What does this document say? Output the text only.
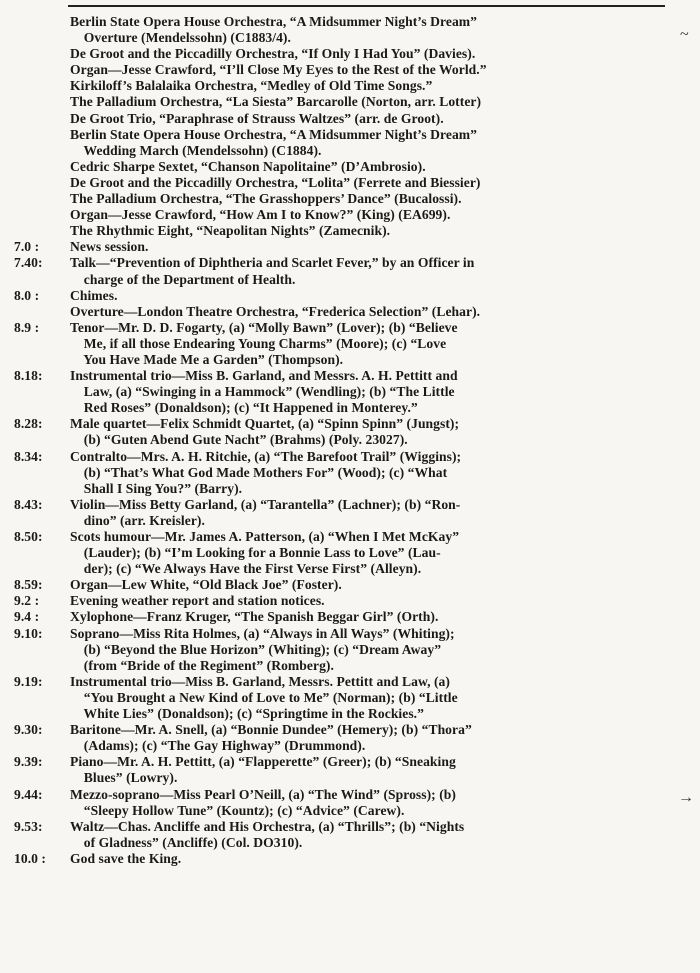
~
→
Berlin State Opera House Orchestra, “A Midsummer Night’s Dream”
Overture (Mendelssohn) (C1883/4).
De Groot and the Piccadilly Orchestra, “If Only I Had You” (Davies).
Organ—Jesse Crawford, “I’ll Close My Eyes to the Rest of the World.”
Kirkiloff’s Balalaika Orchestra, “Medley of Old Time Songs.”
The Palladium Orchestra, “La Siesta” Barcarolle (Norton, arr. Lotter)
De Groot Trio, “Paraphrase of Strauss Waltzes” (arr. de Groot).
Berlin State Opera House Orchestra, “A Midsummer Night’s Dream”
Wedding March (Mendelssohn) (C1884).
Cedric Sharpe Sextet, “Chanson Napolitaine” (D’Ambrosio).
De Groot and the Piccadilly Orchestra, “Lolita” (Ferrete and Biessier)
The Palladium Orchestra, “The Grasshoppers’ Dance” (Bucalossi).
Organ—Jesse Crawford, “How Am I to Know?” (King) (EA699).
The Rhythmic Eight, “Neapolitan Nights” (Zamecnik).
7.0 :	News session.
7.40:	Talk—“Prevention of Diphtheria and Scarlet Fever,” by an Officer in
charge of the Department of Health.
8.0 :	Chimes.
Overture—London Theatre Orchestra, “Frederica Selection” (Lehar).
8.9 :	Tenor—Mr. D. D. Fogarty, (a) “Molly Bawn” (Lover); (b) “Believe
Me, if all those Endearing Young Charms” (Moore); (c) “Love
You Have Made Me a Garden” (Thompson).
8.18:	Instrumental trio—Miss B. Garland, and Messrs. A. H. Pettitt and
Law, (a) “Swinging in a Hammock” (Wendling); (b) “The Little
Red Roses” (Donaldson); (c) “It Happened in Monterey.”
8.28:	Male quartet—Felix Schmidt Quartet, (a) “Spinn Spinn” (Jungst);
(b) “Guten Abend Gute Nacht” (Brahms) (Poly. 23027).
8.34:	Contralto—Mrs. A. H. Ritchie, (a) “The Barefoot Trail” (Wiggins);
(b) “That’s What God Made Mothers For” (Wood); (c) “What
Shall I Sing You?” (Barry).
8.43:	Violin—Miss Betty Garland, (a) “Tarantella” (Lachner); (b) “Ron-
dino” (arr. Kreisler).
8.50:	Scots humour—Mr. James A. Patterson, (a) “When I Met McKay”
(Lauder); (b) “I’m Looking for a Bonnie Lass to Love” (Lau-
der); (c) “We Always Have the First Verse First” (Alleyn).
8.59:	Organ—Lew White, “Old Black Joe” (Foster).
9.2 :	Evening weather report and station notices.
9.4 :	Xylophone—Franz Kruger, “The Spanish Beggar Girl” (Orth).
9.10:	Soprano—Miss Rita Holmes, (a) “Always in All Ways” (Whiting);
(b) “Beyond the Blue Horizon” (Whiting); (c) “Dream Away”
(from “Bride of the Regiment” (Romberg).
9.19:	Instrumental trio—Miss B. Garland, Messrs. Pettitt and Law, (a)
“You Brought a New Kind of Love to Me” (Norman); (b) “Little
White Lies” (Donaldson); (c) “Springtime in the Rockies.”
9.30:	Baritone—Mr. A. Snell, (a) “Bonnie Dundee” (Hemery); (b) “Thora”
(Adams); (c) “The Gay Highway” (Drummond).
9.39:	Piano—Mr. A. H. Pettitt, (a) “Flapperette” (Greer); (b) “Sneaking
Blues” (Lowry).
9.44:	Mezzo-soprano—Miss Pearl O’Neill, (a) “The Wind” (Spross); (b)
“Sleepy Hollow Tune” (Kountz); (c) “Advice” (Carew).
9.53:	Waltz—Chas. Ancliffe and His Orchestra, (a) “Thrills”; (b) “Nights
of Gladness” (Ancliffe) (Col. DO310).
10.0 :	God save the King.
